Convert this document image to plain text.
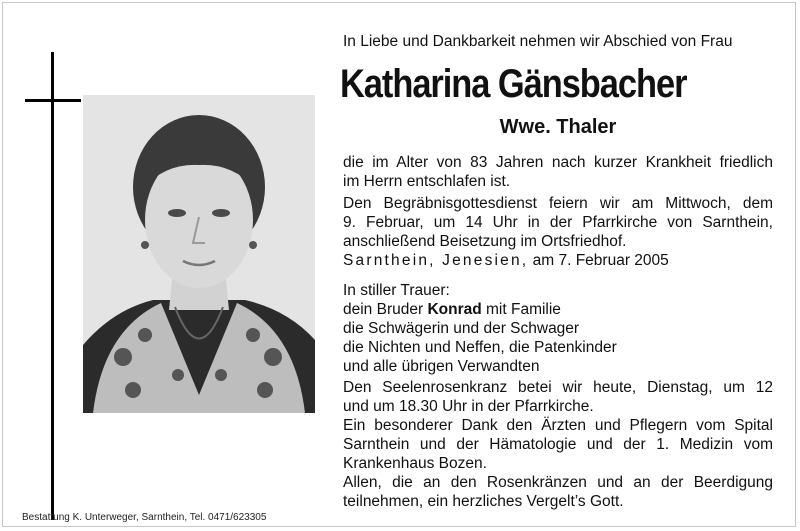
In Liebe und Dankbarkeit nehmen wir Abschied von Frau
Katharina Gänsbacher
Wwe. Thaler
die im Alter von 83 Jahren nach kurzer Krankheit friedlich
im Herrn entschlafen ist.
Den Begräbnisgottesdienst feiern wir am Mittwoch, dem
9. Februar, um 14 Uhr in der Pfarrkirche von Sarnthein,
anschließend Beisetzung im Ortsfriedhof.
Sarnthein, Jenesien, am 7. Februar 2005
In stiller Trauer:
dein Bruder Konrad mit Familie
die Schwägerin und der Schwager
die Nichten und Neffen, die Patenkinder
und alle übrigen Verwandten
Den Seelenrosenkranz betei wir heute, Dienstag, um 12
und um 18.30 Uhr in der Pfarrkirche.
Ein besonderer Dank den Ärzten und Pflegern vom Spital
Sarnthein und der Hämatologie und der 1. Medizin vom
Krankenhaus Bozen.
Allen, die an den Rosenkränzen und an der Beerdigung
teilnehmen, ein herzliches Vergelt’s Gott.
Bestattung K. Unterweger, Sarnthein, Tel. 0471/623305
